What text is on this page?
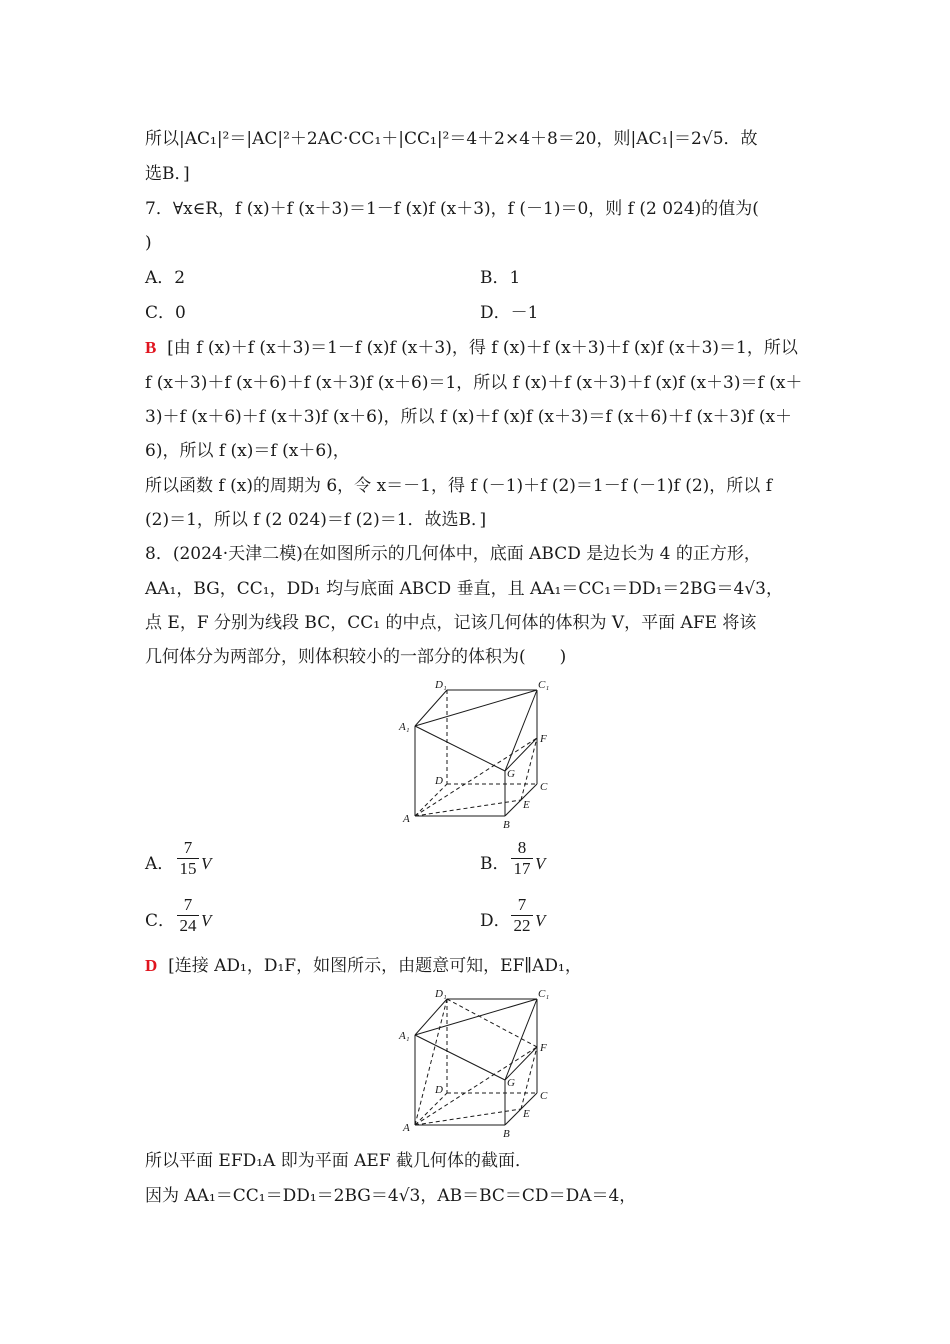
所以|AC₁|²＝|AC|²＋2AC·CC₁＋|CC₁|²＝4＋2×4＋8＝20，则|AC₁|＝2√5．故
选B．]
7．∀x∈R，f (x)＋f (x＋3)＝1－f (x)f (x＋3)，f (－1)＝0，则 f (2 024)的值为(
)
A．2	B．1
C．0	D．－1
B [由 f (x)＋f (x＋3)＝1－f (x)f (x＋3)，得 f (x)＋f (x＋3)＋f (x)f (x＋3)＝1，所以
f (x＋3)＋f (x＋6)＋f (x＋3)f (x＋6)＝1，所以 f (x)＋f (x＋3)＋f (x)f (x＋3)＝f (x＋
3)＋f (x＋6)＋f (x＋3)f (x＋6)，所以 f (x)＋f (x)f (x＋3)＝f (x＋6)＋f (x＋3)f (x＋
6)，所以 f (x)＝f (x＋6)，
所以函数 f (x)的周期为 6，令 x＝－1，得 f (－1)＋f (2)＝1－f (－1)f (2)，所以 f
(2)＝1，所以 f (2 024)＝f (2)＝1．故选B．]
8．(2024·天津二模)在如图所示的几何体中，底面 ABCD 是边长为 4 的正方形，
AA₁，BG，CC₁，DD₁ 均与底面 ABCD 垂直，且 AA₁＝CC₁＝DD₁＝2BG＝4√3，
点 E，F 分别为线段 BC，CC₁ 的中点，记该几何体的体积为 V，平面 AFE 将该
几何体分为两部分，则体积较小的一部分的体积为(　　)
D₁	C₁
A₁
F
G
D	C
E
A	B
A．
7
15 V	B．
8
17 V
C．
7
24 V	D．
7
22 V
D [连接 AD₁，D₁F，如图所示，由题意可知，EF∥AD₁，
D₁	C₁
A₁
F
G
D	C
E
A	B
所以平面 EFD₁A 即为平面 AEF 截几何体的截面．
因为 AA₁＝CC₁＝DD₁＝2BG＝4√3，AB＝BC＝CD＝DA＝4，
